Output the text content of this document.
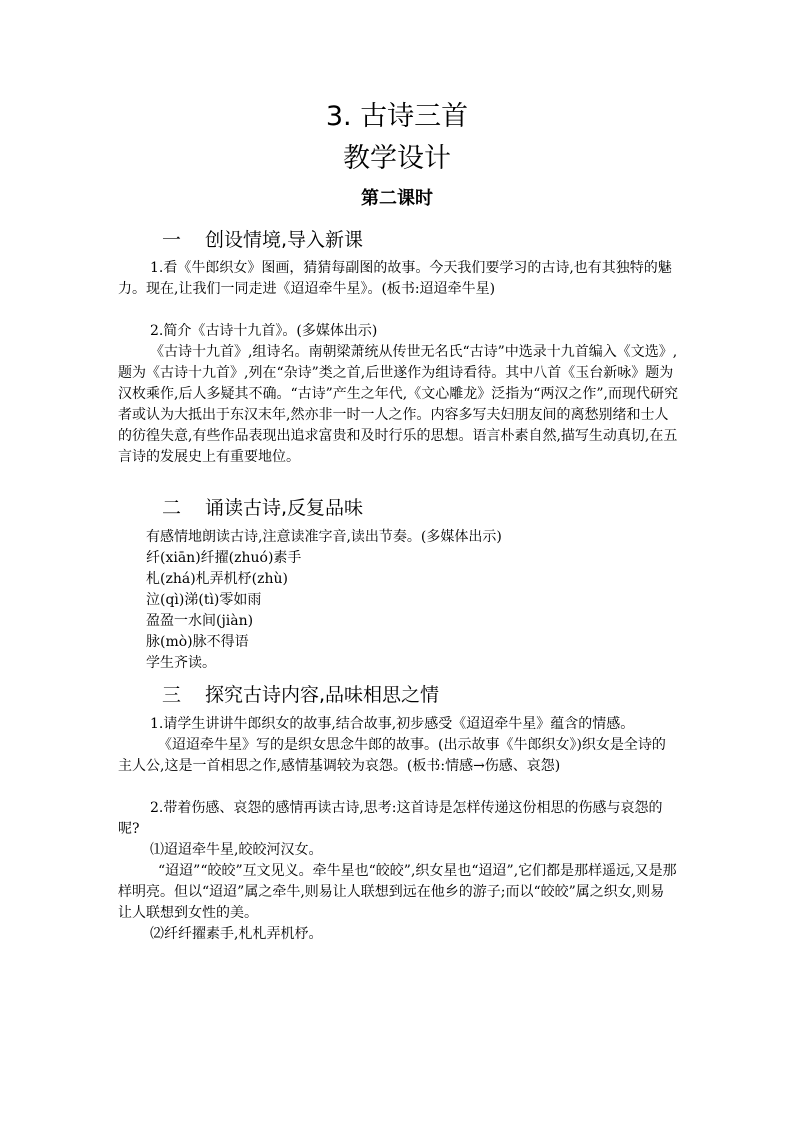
3. 古诗三首
教学设计
第二课时
一 创设情境,导入新课

1.看《牛郎织女》图画，猜猜每副图的故事。今天我们要学习的古诗,也有其独特的魅力。现在,让我们一同走进《迢迢牵牛星》。(板书:迢迢牵牛星)

2.简介《古诗十九首》。(多媒体出示)

《古诗十九首》,组诗名。南朝梁萧统从传世无名氏“古诗”中选录十九首编入《文选》,题为《古诗十九首》,列在“杂诗”类之首,后世遂作为组诗看待。其中八首《玉台新咏》题为汉枚乘作,后人多疑其不确。“古诗”产生之年代,《文心雕龙》泛指为“两汉之作”,而现代研究者或认为大抵出于东汉末年,然亦非一时一人之作。内容多写夫妇朋友间的离愁别绪和士人的彷徨失意,有些作品表现出追求富贵和及时行乐的思想。语言朴素自然,描写生动真切,在五言诗的发展史上有重要地位。

二 诵读古诗,反复品味

有感情地朗读古诗,注意读准字音,读出节奏。(多媒体出示)

纤(xiān)纤擢(zhuó)素手

札(zhá)札弄机杼(zhù)

泣(qì)涕(tì)零如雨

盈盈一水间(jiàn)

脉(mò)脉不得语

学生齐读。

三 探究古诗内容,品味相思之情

1.请学生讲讲牛郎织女的故事,结合故事,初步感受《迢迢牵牛星》蕴含的情感。

《迢迢牵牛星》写的是织女思念牛郎的故事。(出示故事《牛郎织女》)织女是全诗的主人公,这是一首相思之作,感情基调较为哀怨。(板书:情感→伤感、哀怨)

2.带着伤感、哀怨的感情再读古诗,思考:这首诗是怎样传递这份相思的伤感与哀怨的呢?

⑴迢迢牵牛星,皎皎河汉女。

“迢迢”“皎皎”互文见义。牵牛星也“皎皎”,织女星也“迢迢”,它们都是那样遥远,又是那样明亮。但以“迢迢”属之牵牛,则易让人联想到远在他乡的游子;而以“皎皎”属之织女,则易让人联想到女性的美。

⑵纤纤擢素手,札札弄机杼。
